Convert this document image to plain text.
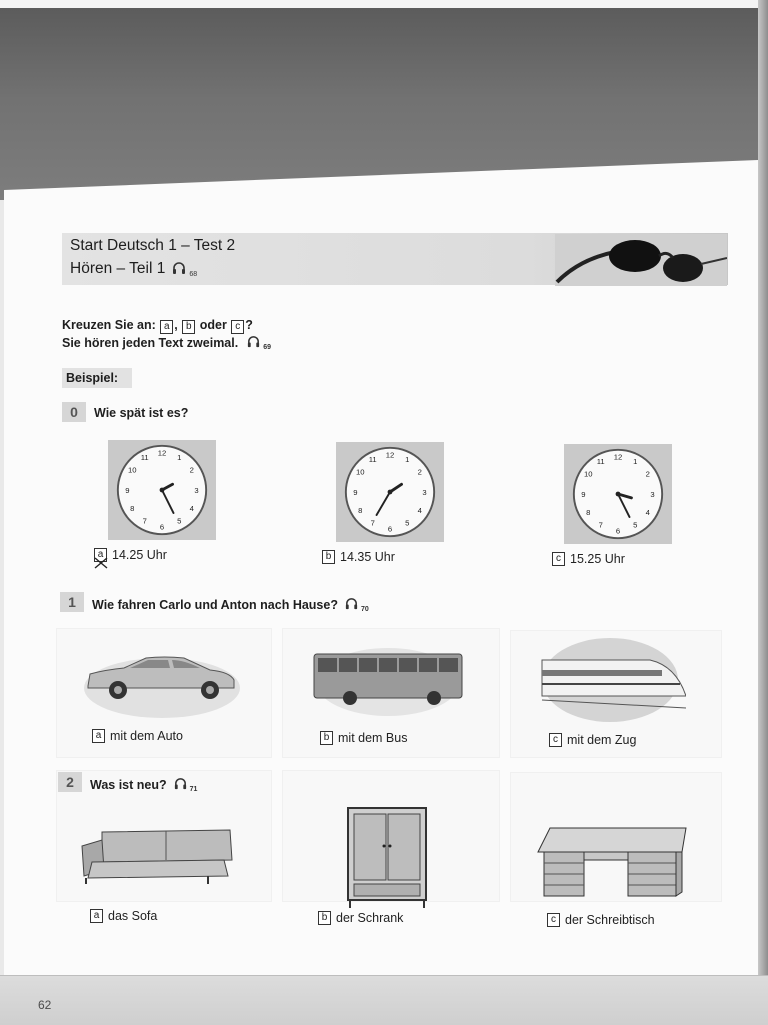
Start Deutsch 1 – Test 2
Hören – Teil 1	$_{68}$
Kreuzen Sie an: a , b oder c ?
Sie hören jeden Text zweimal.	$_{69}$
Beispiel:
0	Wie spät ist es?
12
1
2
3
4
5
6
7
8
9
10
11	12
1
2
3
4
5
6
7
8
9
10
11	12
1
2
3
4
5
6
7
8
9
10
11
a 14.25 Uhr	b 14.35 Uhr	c 15.25 Uhr
1	Wie fahren Carlo und Anton nach Hause?	$_{70}$
a mit dem Auto	b mit dem Bus	c mit dem Zug
2	Was ist neu?	$_{71}$
a das Sofa	b der Schrank	c der Schreibtisch
62
